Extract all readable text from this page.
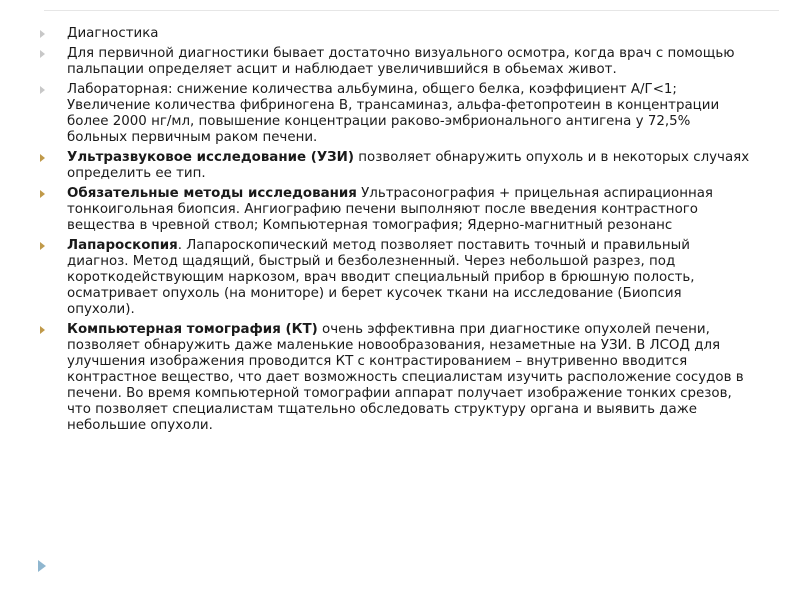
Диагностика
Для первичной диагностики бывает достаточно визуального осмотра, когда врач с помощью пальпации определяет асцит и наблюдает увеличившийся в обьемах живот.
Лабораторная: снижение количества альбумина, общего белка, коэффициент А/Г<1; Увеличение количества фибриногена В, трансаминаз, альфа-фетопротеин в концентрации более 2000 нг/мл, повышение концентрации раково-эмбрионального антигена у 72,5% больных первичным раком печени.
Ультразвуковое исследование (УЗИ) позволяет обнаружить опухоль и в некоторых случаях определить ее тип.
Обязательные методы исследования Ультрасонография + прицельная аспирационная тонкоигольная биопсия. Ангиографию печени выполняют после введения контрастного вещества в чревной ствол; Компьютерная томография; Ядерно-магнитный резонанс
Лапароскопия. Лапароскопический метод позволяет поставить точный и правильный диагноз. Метод щадящий, быстрый и безболезненный. Через небольшой разрез, под короткодействующим наркозом, врач вводит специальный прибор в брюшную полость, осматривает опухоль (на мониторе) и берет кусочек ткани на исследование (Биопсия опухоли).
Компьютерная томография (КТ) очень эффективна при диагностике опухолей печени, позволяет обнаружить даже маленькие новообразования, незаметные на УЗИ. В ЛСОД для улучшения изображения проводится КТ с контрастированием – внутривенно вводится контрастное вещество, что дает возможность специалистам изучить расположение сосудов в печени. Во время компьютерной томографии аппарат получает изображение тонких срезов, что позволяет специалистам тщательно обследовать структуру органа и выявить даже небольшие опухоли.
